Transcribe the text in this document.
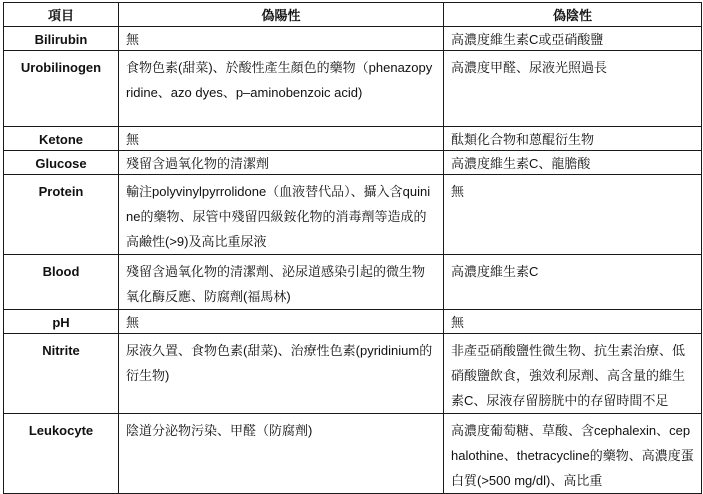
項目	偽陽性	偽陰性
Bilirubin	無	高濃度維生素C或亞硝酸鹽
Urobilinogen	食物色素(甜菜)、於酸性產生顏色的藥物（phenazopyridine、azo dyes、p–aminobenzoic acid)	高濃度甲醛、尿液光照過長
Ketone	無	酞類化合物和蒽醌衍生物
Glucose	殘留含過氧化物的清潔劑	高濃度維生素C、龍膽酸
Protein	輸注polyvinylpyrrolidone（血液替代品）、攝入含quinine的藥物、尿管中殘留四級銨化物的消毒劑等造成的高鹼性(>9)及高比重尿液	無
Blood	殘留含過氧化物的清潔劑、泌尿道感染引起的微生物氧化酶反應、防腐劑(福馬林)	高濃度維生素C
pH	無	無
Nitrite	尿液久置、食物色素(甜菜)、治療性色素(pyridinium的衍生物)	非產亞硝酸鹽性微生物、抗生素治療、低硝酸鹽飲食，強效利尿劑、高含量的維生素C、尿液存留膀胱中的存留時間不足
Leukocyte	陰道分泌物污染、甲醛（防腐劑)	高濃度葡萄糖、草酸、含cephalexin、cephalothine、thetracycline的藥物、高濃度蛋白質(>500 mg/dl)、高比重
